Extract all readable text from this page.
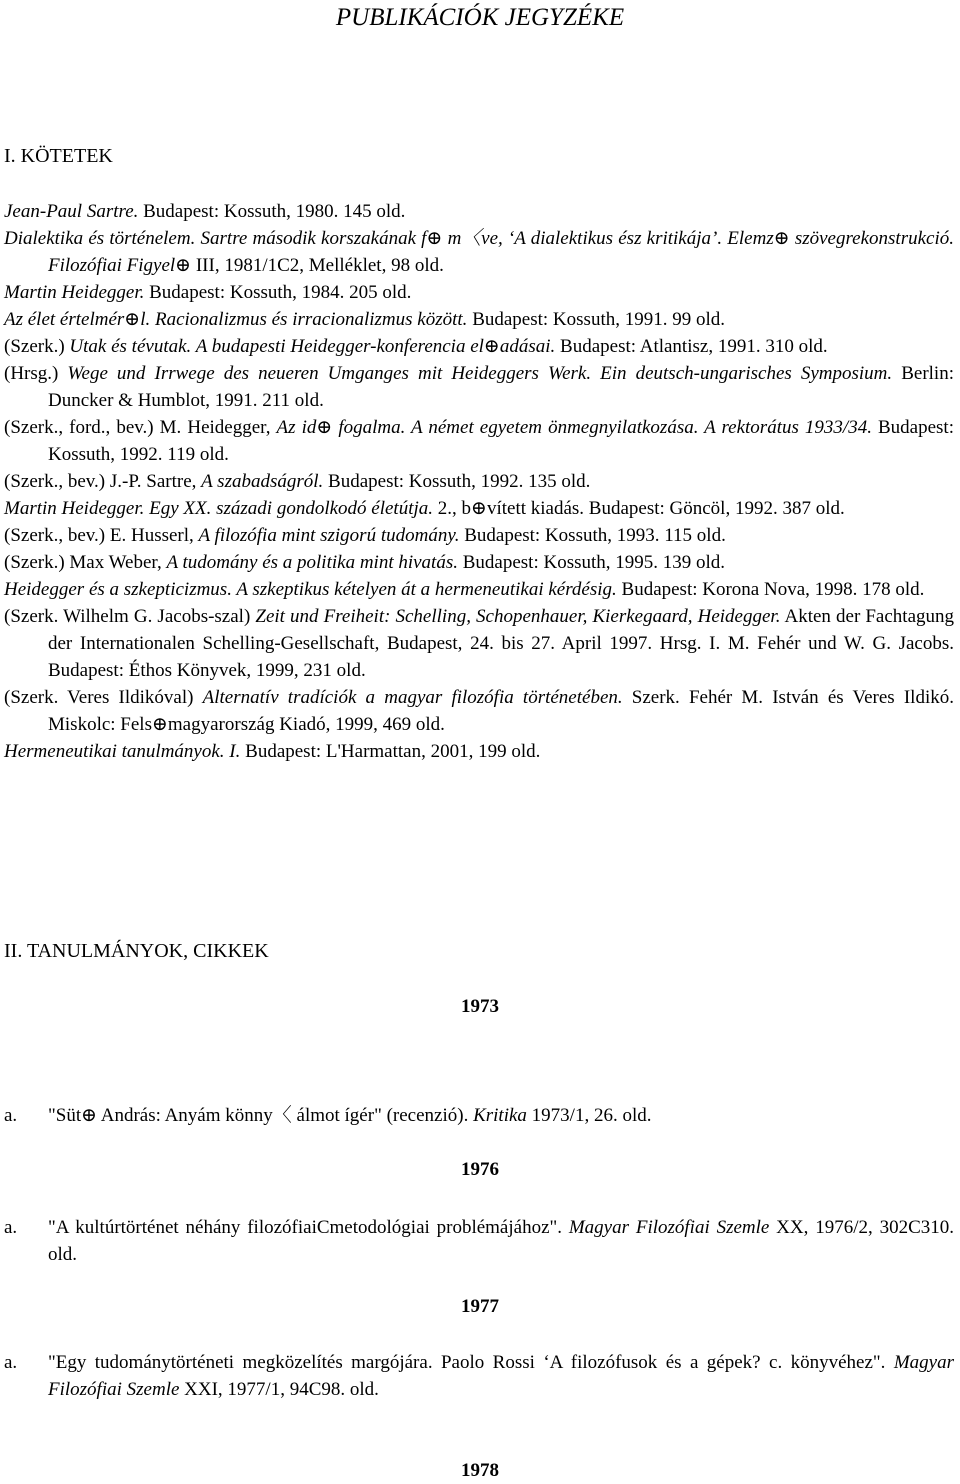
PUBLIKÁCIÓK JEGYZÉKE
I. KÖTETEK

Jean-Paul Sartre. Budapest: Kossuth, 1980. 145 old.

Dialektika és történelem. Sartre második korszakának f⊕ m〈ve, ‘A dialektikus ész kritikája’. Elemz⊕ szövegrekonstrukció. Filozófiai Figyel⊕ III, 1981/1C2, Melléklet, 98 old.

Martin Heidegger. Budapest: Kossuth, 1984. 205 old.

Az élet értelmér⊕l. Racionalizmus és irracionalizmus között. Budapest: Kossuth, 1991. 99 old.

(Szerk.) Utak és tévutak. A budapesti Heidegger-konferencia el⊕adásai. Budapest: Atlantisz, 1991. 310 old.

(Hrsg.) Wege und Irrwege des neueren Umganges mit Heideggers Werk. Ein deutsch-ungarisches Symposium. Berlin: Duncker & Humblot, 1991. 211 old.

(Szerk., ford., bev.) M. Heidegger, Az id⊕ fogalma. A német egyetem önmegnyilatkozása. A rektorátus 1933/34. Budapest: Kossuth, 1992. 119 old.

(Szerk., bev.) J.-P. Sartre, A szabadságról. Budapest: Kossuth, 1992. 135 old.

Martin Heidegger. Egy XX. századi gondolkodó életútja. 2., b⊕vített kiadás. Budapest: Göncöl, 1992. 387 old.

(Szerk., bev.) E. Husserl, A filozófia mint szigorú tudomány. Budapest: Kossuth, 1993. 115 old.

(Szerk.) Max Weber, A tudomány és a politika mint hivatás. Budapest: Kossuth, 1995. 139 old.

Heidegger és a szkepticizmus. A szkeptikus kételyen át a hermeneutikai kérdésig. Budapest: Korona Nova, 1998. 178 old.

(Szerk. Wilhelm G. Jacobs-szal) Zeit und Freiheit: Schelling, Schopenhauer, Kierkegaard, Heidegger. Akten der Fachtagung der Internationalen Schelling-Gesellschaft, Budapest, 24. bis 27. April 1997. Hrsg. I. M. Fehér und W. G. Jacobs. Budapest: Éthos Könyvek, 1999, 231 old.

(Szerk. Veres Ildikóval) Alternatív tradíciók a magyar filozófia történetében. Szerk. Fehér M. István és Veres Ildikó. Miskolc: Fels⊕magyarország Kiadó, 1999, 469 old.

Hermeneutikai tanulmányok. I. Budapest: L'Harmattan, 2001, 199 old.

II. TANULMÁNYOK, CIKKEK
1973
a. "Süt⊕ András: Anyám könny〈 álmot ígér" (recenzió). Kritika 1973/1, 26. old.
1976
a. "A kultúrtörténet néhány filozófiaiCmetodológiai problémájához". Magyar Filozófiai Szemle XX, 1976/2, 302C310. old.
1977
a. "Egy tudománytörténeti megközelítés margójára. Paolo Rossi ‘A filozófusok és a gépek? c. könyvéhez". Magyar Filozófiai Szemle XXI, 1977/1, 94C98. old.
1978
